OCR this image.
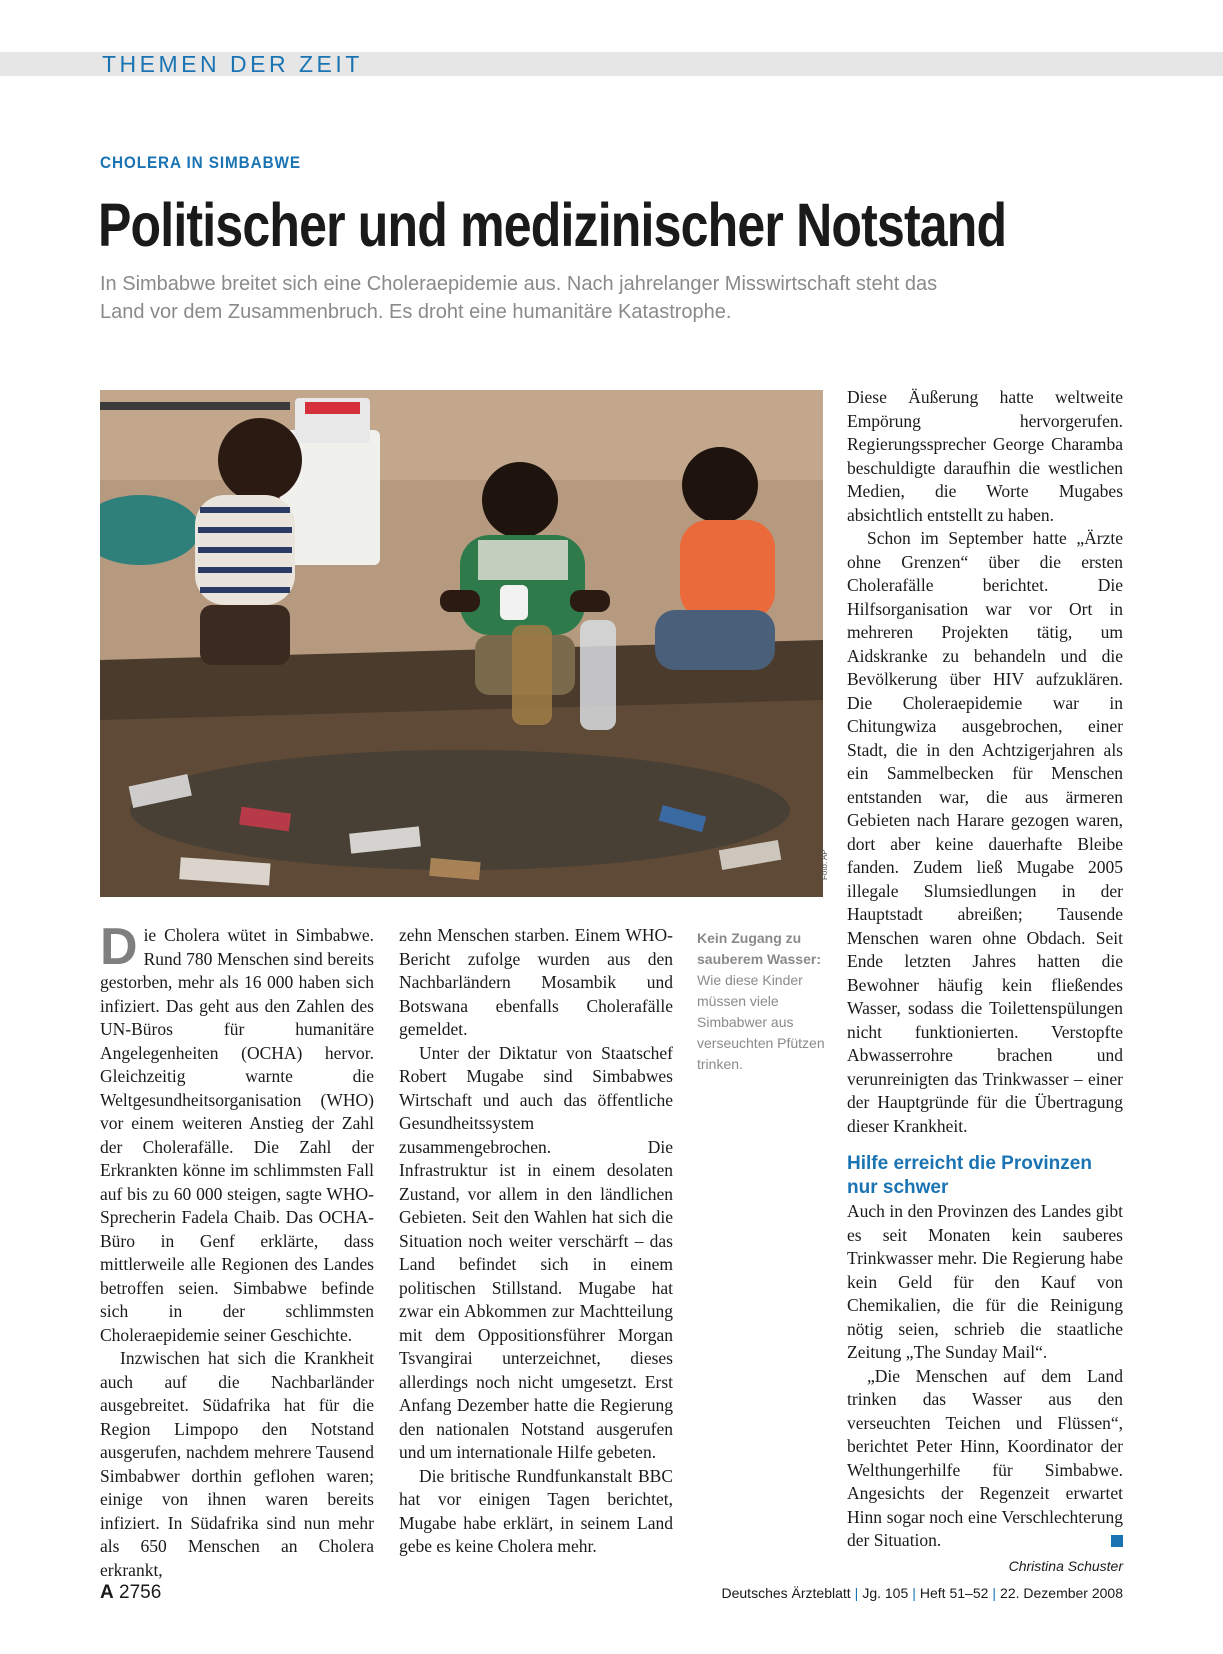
THEMEN DER ZEIT
CHOLERA IN SIMBABWE
Politischer und medizinischer Notstand

In Simbabwe breitet sich eine Choleraepidemie aus. Nach jahrelanger Misswirtschaft steht das Land vor dem Zusammenbruch. Es droht eine humanitäre Katastrophe.

Foto: AP
Kein Zugang zu sauberem Wasser: Wie diese Kinder müssen viele Simbabwer aus verseuchten Pfützen trinken.

Die Cholera wütet in Simbabwe. Rund 780 Menschen sind bereits gestorben, mehr als 16 000 haben sich infiziert. Das geht aus den Zahlen des UN-Büros für humanitäre Angelegenheiten (OCHA) hervor. Gleichzeitig warnte die Weltgesundheitsorganisation (WHO) vor einem weiteren Anstieg der Zahl der Cholerafälle. Die Zahl der Erkrankten könne im schlimmsten Fall auf bis zu 60 000 steigen, sagte WHO-Sprecherin Fadela Chaib. Das OCHA-Büro in Genf erklärte, dass mittlerweile alle Regionen des Landes betroffen seien. Simbabwe befinde sich in der schlimmsten Choleraepidemie seiner Geschichte.

Inzwischen hat sich die Krankheit auch auf die Nachbarländer ausgebreitet. Südafrika hat für die Region Limpopo den Notstand ausgerufen, nachdem mehrere Tausend Simbabwer dorthin geflohen waren; einige von ihnen waren bereits infiziert. In Südafrika sind nun mehr als 650 Menschen an Cholera erkrankt,

zehn Menschen starben. Einem WHO-Bericht zufolge wurden aus den Nachbarländern Mosambik und Botswana ebenfalls Cholerafälle gemeldet.

Unter der Diktatur von Staatschef Robert Mugabe sind Simbabwes Wirtschaft und auch das öffentliche Gesundheitssystem zusammengebrochen. Die Infrastruktur ist in einem desolaten Zustand, vor allem in den ländlichen Gebieten. Seit den Wahlen hat sich die Situation noch weiter verschärft – das Land befindet sich in einem politischen Stillstand. Mugabe hat zwar ein Abkommen zur Machtteilung mit dem Oppositionsführer Morgan Tsvangirai unterzeichnet, dieses allerdings noch nicht umgesetzt. Erst Anfang Dezember hatte die Regierung den nationalen Notstand ausgerufen und um internationale Hilfe gebeten.

Die britische Rundfunkanstalt BBC hat vor einigen Tagen berichtet, Mugabe habe erklärt, in seinem Land gebe es keine Cholera mehr.

Diese Äußerung hatte weltweite Empörung hervorgerufen. Regierungssprecher George Charamba beschuldigte daraufhin die westlichen Medien, die Worte Mugabes absichtlich entstellt zu haben.

Schon im September hatte „Ärzte ohne Grenzen“ über die ersten Cholerafälle berichtet. Die Hilfsorganisation war vor Ort in mehreren Projekten tätig, um Aidskranke zu behandeln und die Bevölkerung über HIV aufzuklären. Die Choleraepidemie war in Chitungwiza ausgebrochen, einer Stadt, die in den Achtzigerjahren als ein Sammelbecken für Menschen entstanden war, die aus ärmeren Gebieten nach Harare gezogen waren, dort aber keine dauerhafte Bleibe fanden. Zudem ließ Mugabe 2005 illegale Slumsiedlungen in der Hauptstadt abreißen; Tausende Menschen waren ohne Obdach. Seit Ende letzten Jahres hatten die Bewohner häufig kein fließendes Wasser, sodass die Toilettenspülungen nicht funktionierten. Verstopfte Abwasserrohre brachen und verunreinigten das Trinkwasser – einer der Hauptgründe für die Übertragung dieser Krankheit.

Hilfe erreicht die Provinzen nur schwer

Auch in den Provinzen des Landes gibt es seit Monaten kein sauberes Trinkwasser mehr. Die Regierung habe kein Geld für den Kauf von Chemikalien, die für die Reinigung nötig seien, schrieb die staatliche Zeitung „The Sunday Mail“.

„Die Menschen auf dem Land trinken das Wasser aus den verseuchten Teichen und Flüssen“, berichtet Peter Hinn, Koordinator der Welthungerhilfe für Simbabwe. Angesichts der Regenzeit erwartet Hinn sogar noch eine Verschlechterung der Situation.

Christina Schuster
A 2756	Deutsches Ärzteblatt | Jg. 105 | Heft 51–52 | 22. Dezember 2008
